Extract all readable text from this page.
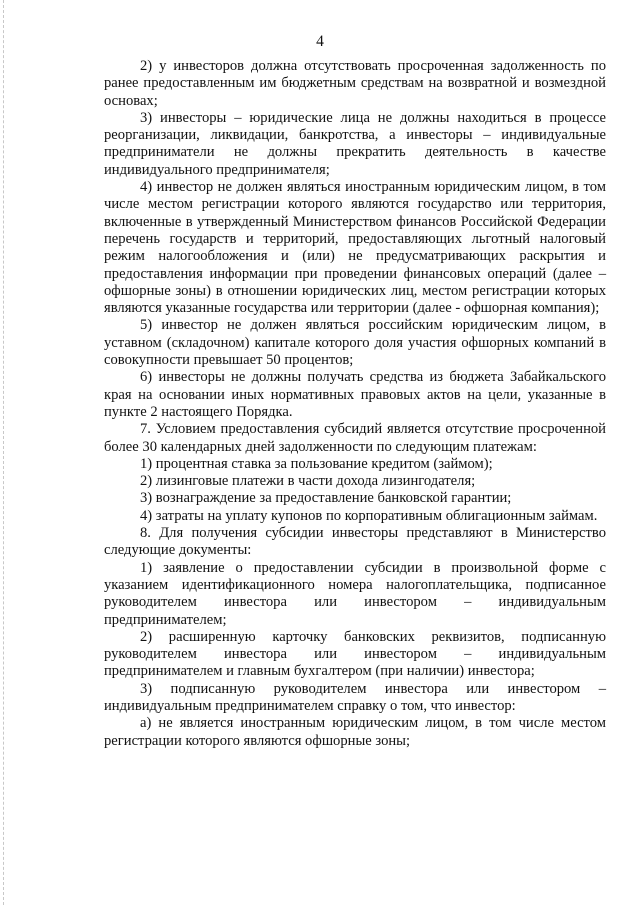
4

2) у инвесторов должна отсутствовать просроченная задолженность по ранее предоставленным им бюджетным средствам на возвратной и возмездной основах;

3) инвесторы – юридические лица не должны находиться в процессе реорганизации, ликвидации, банкротства, а инвесторы – индивидуальные предприниматели не должны прекратить деятельность в качестве индивидуального предпринимателя;

4) инвестор не должен являться иностранным юридическим лицом, в том числе местом регистрации которого являются государство или территория, включенные в утвержденный Министерством финансов Российской Федерации перечень государств и территорий, предоставляющих льготный налоговый режим налогообложения и (или) не предусматривающих раскрытия и предоставления информации при проведении финансовых операций (далее – офшорные зоны) в отношении юридических лиц, местом регистрации которых являются указанные государства или территории (далее - офшорная компания);

5) инвестор не должен являться российским юридическим лицом, в уставном (складочном) капитале которого доля участия офшорных компаний в совокупности превышает 50 процентов;

6) инвесторы не должны получать средства из бюджета Забайкальского края на основании иных нормативных правовых актов на цели, указанные в пункте 2 настоящего Порядка.

7. Условием предоставления субсидий является отсутствие просроченной более 30 календарных дней задолженности по следующим платежам:

1) процентная ставка за пользование кредитом (займом);

2) лизинговые платежи в части дохода лизингодателя;

3) вознаграждение за предоставление банковской гарантии;

4) затраты на уплату купонов по корпоративным облигационным займам.

8. Для получения субсидии инвесторы представляют в Министерство следующие документы:

1) заявление о предоставлении субсидии в произвольной форме с указанием идентификационного номера налогоплательщика, подписанное руководителем инвестора или инвестором – индивидуальным предпринимателем;

2) расширенную карточку банковских реквизитов, подписанную руководителем инвестора или инвестором – индивидуальным предпринимателем и главным бухгалтером (при наличии) инвестора;

3) подписанную руководителем инвестора или инвестором – индивидуальным предпринимателем справку о том, что инвестор:

а) не является иностранным юридическим лицом, в том числе местом регистрации которого являются офшорные зоны;
